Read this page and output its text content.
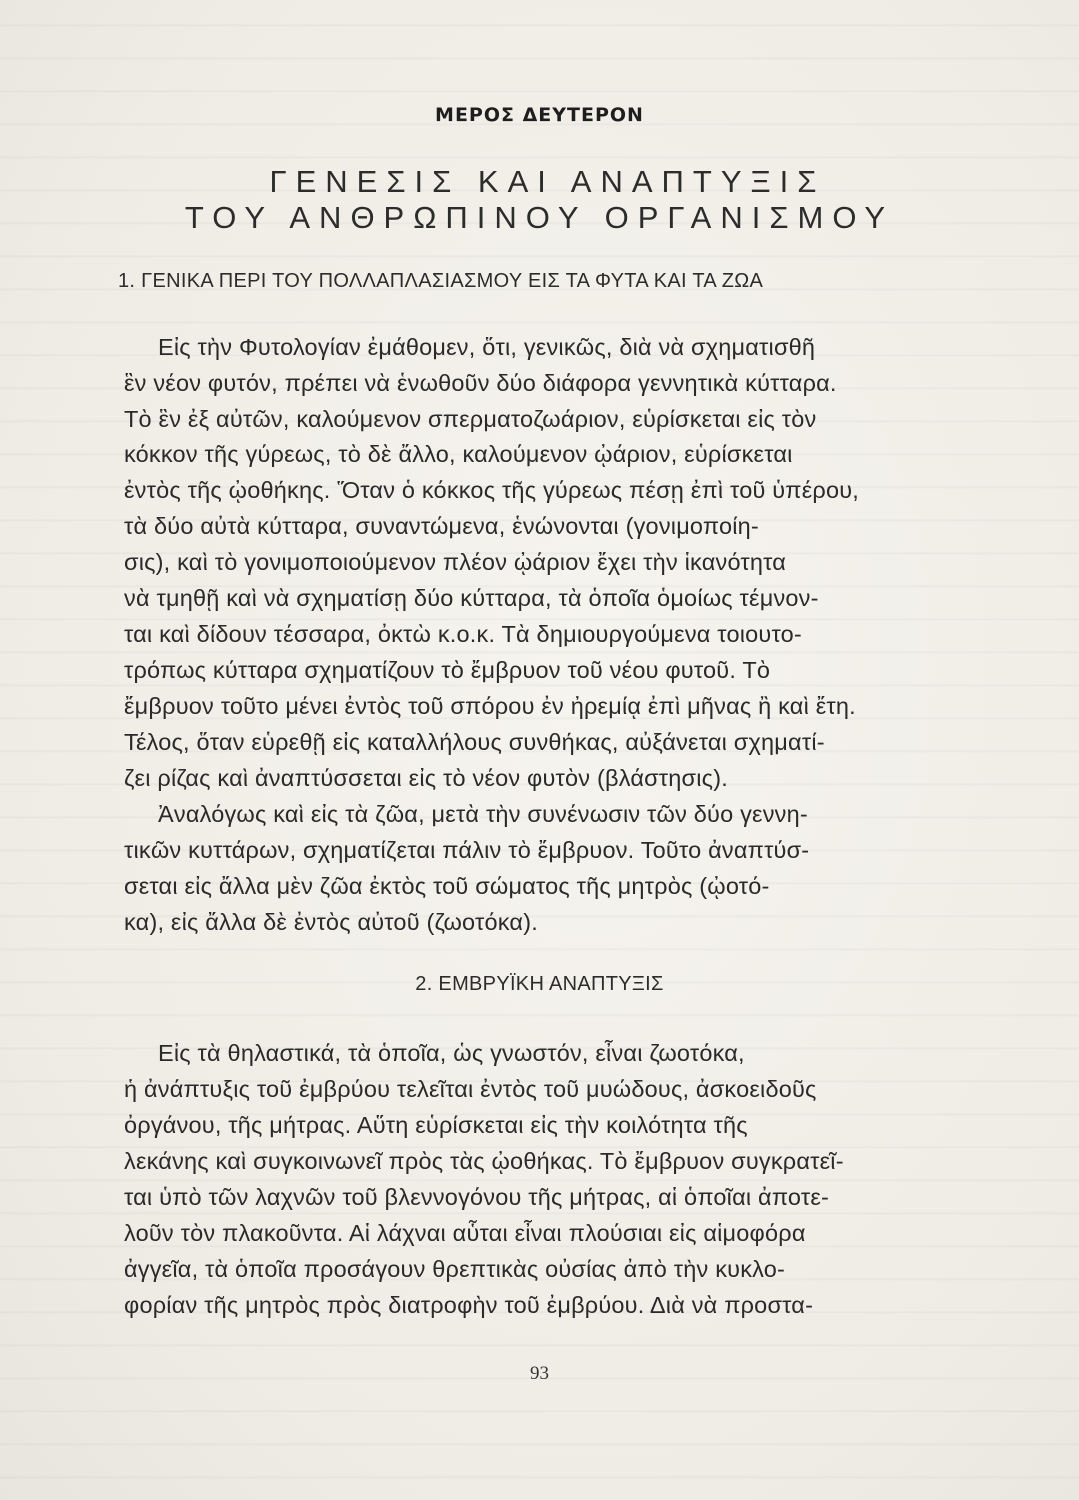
ΜΕΡΟΣ ΔΕΥΤΕΡΟΝ
ΓΕΝΕΣΙΣ ΚΑΙ ΑΝΑΠΤΥΞΙΣ
ΤΟΥ ΑΝΘΡΩΠΙΝΟΥ ΟΡΓΑΝΙΣΜΟΥ
1. ΓΕΝΙΚΑ ΠΕΡΙ ΤΟΥ ΠΟΛΛΑΠΛΑΣΙΑΣΜΟΥ ΕΙΣ ΤΑ ΦΥΤΑ ΚΑΙ ΤΑ ΖΩΑ
Εἰς τὴν Φυτολογίαν ἐμάθομεν, ὅτι, γενικῶς, διὰ νὰ σχηματισθῆ
ἓν νέον φυτόν, πρέπει νὰ ἑνωθοῦν δύο διάφορα γεννητικὰ κύτταρα.
Τὸ ἓν ἐξ αὐτῶν, καλούμενον σπερματοζωάριον, εὑρίσκεται εἰς τὸν
κόκκον τῆς γύρεως, τὸ δὲ ἄλλο, καλούμενον ᾠάριον, εὑρίσκεται
ἐντὸς τῆς ᾠοθήκης. Ὅταν ὁ κόκκος τῆς γύρεως πέσῃ ἐπὶ τοῦ ὑπέρου,
τὰ δύο αὐτὰ κύτταρα, συναντώμενα, ἑνώνονται (γονιμοποίη-
σις), καὶ τὸ γονιμοποιούμενον πλέον ᾠάριον ἔχει τὴν ἱκανότητα
νὰ τμηθῇ καὶ νὰ σχηματίσῃ δύο κύτταρα, τὰ ὁποῖα ὁμοίως τέμνον-
ται καὶ δίδουν τέσσαρα, ὀκτὼ κ.ο.κ. Τὰ δημιουργούμενα τοιουτο-
τρόπως κύτταρα σχηματίζουν τὸ ἔμβρυον τοῦ νέου φυτοῦ. Τὸ
ἔμβρυον τοῦτο μένει ἐντὸς τοῦ σπόρου ἐν ἠρεμίᾳ ἐπὶ μῆνας ἢ καὶ ἔτη.
Τέλος, ὅταν εὑρεθῇ εἰς καταλλήλους συνθήκας, αὐξάνεται σχηματί-
ζει ρίζας καὶ ἀναπτύσσεται εἰς τὸ νέον φυτὸν (βλάστησις).
Ἀναλόγως καὶ εἰς τὰ ζῶα, μετὰ τὴν συνένωσιν τῶν δύο γεννη-
τικῶν κυττάρων, σχηματίζεται πάλιν τὸ ἔμβρυον. Τοῦτο ἀναπτύσ-
σεται εἰς ἄλλα μὲν ζῶα ἐκτὸς τοῦ σώματος τῆς μητρὸς (ᾠοτό-
κα), εἰς ἄλλα δὲ ἐντὸς αὐτοῦ (ζωοτόκα).
2. ΕΜΒΡΥΪΚΗ ΑΝΑΠΤΥΞΙΣ
Εἰς τὰ θηλαστικά, τὰ ὁποῖα, ὡς γνωστόν, εἶναι ζωοτόκα,
ἡ ἀνάπτυξις τοῦ ἐμβρύου τελεῖται ἐντὸς τοῦ μυώδους, ἀσκοειδοῦς
ὀργάνου, τῆς μήτρας. Αὕτη εὑρίσκεται εἰς τὴν κοιλότητα τῆς
λεκάνης καὶ συγκοινωνεῖ πρὸς τὰς ᾠοθήκας. Τὸ ἔμβρυον συγκρατεῖ-
ται ὑπὸ τῶν λαχνῶν τοῦ βλεννογόνου τῆς μήτρας, αἱ ὁποῖαι ἀποτε-
λοῦν τὸν πλακοῦντα. Αἱ λάχναι αὗται εἶναι πλούσιαι εἰς αἱμοφόρα
ἀγγεῖα, τὰ ὁποῖα προσάγουν θρεπτικὰς οὐσίας ἀπὸ τὴν κυκλο-
φορίαν τῆς μητρὸς πρὸς διατροφὴν τοῦ ἐμβρύου. Διὰ νὰ προστα-
93
